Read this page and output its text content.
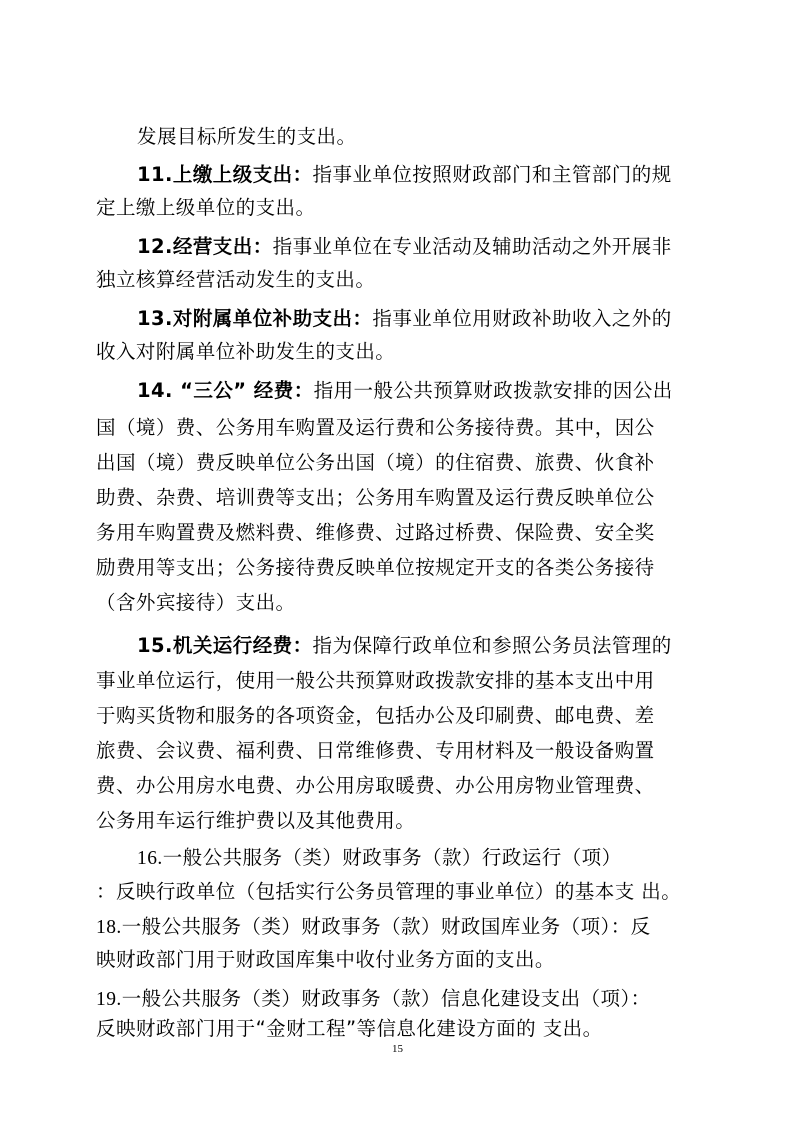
发展目标所发生的支出。
11.上缴上级支出：指事业单位按照财政部门和主管部门的规
定上缴上级单位的支出。
12.经营支出：指事业单位在专业活动及辅助活动之外开展非
独立核算经营活动发生的支出。
13.对附属单位补助支出：指事业单位用财政补助收入之外的
收入对附属单位补助发生的支出。
14. “三公” 经费：指用一般公共预算财政拨款安排的因公出
国（境）费、公务用车购置及运行费和公务接待费。其中，因公
出国（境）费反映单位公务出国（境）的住宿费、旅费、伙食补
助费、杂费、培训费等支出；公务用车购置及运行费反映单位公
务用车购置费及燃料费、维修费、过路过桥费、保险费、安全奖
励费用等支出；公务接待费反映单位按规定开支的各类公务接待
（含外宾接待）支出。
15.机关运行经费：指为保障行政单位和参照公务员法管理的
事业单位运行，使用一般公共预算财政拨款安排的基本支出中用
于购买货物和服务的各项资金，包括办公及印刷费、邮电费、差
旅费、会议费、福利费、日常维修费、专用材料及一般设备购置
费、办公用房水电费、办公用房取暖费、办公用房物业管理费、
公务用车运行维护费以及其他费用。
16.一般公共服务（类）财政事务（款）行政运行（项）
：反映行政单位（包括实行公务员管理的事业单位）的基本支 出。
18.一般公共服务（类）财政事务（款）财政国库业务（项）：反
映财政部门用于财政国库集中收付业务方面的支出。
19.一般公共服务（类）财政事务（款）信息化建设支出（项）：
反映财政部门用于“金财工程”等信息化建设方面的 支出。
15
